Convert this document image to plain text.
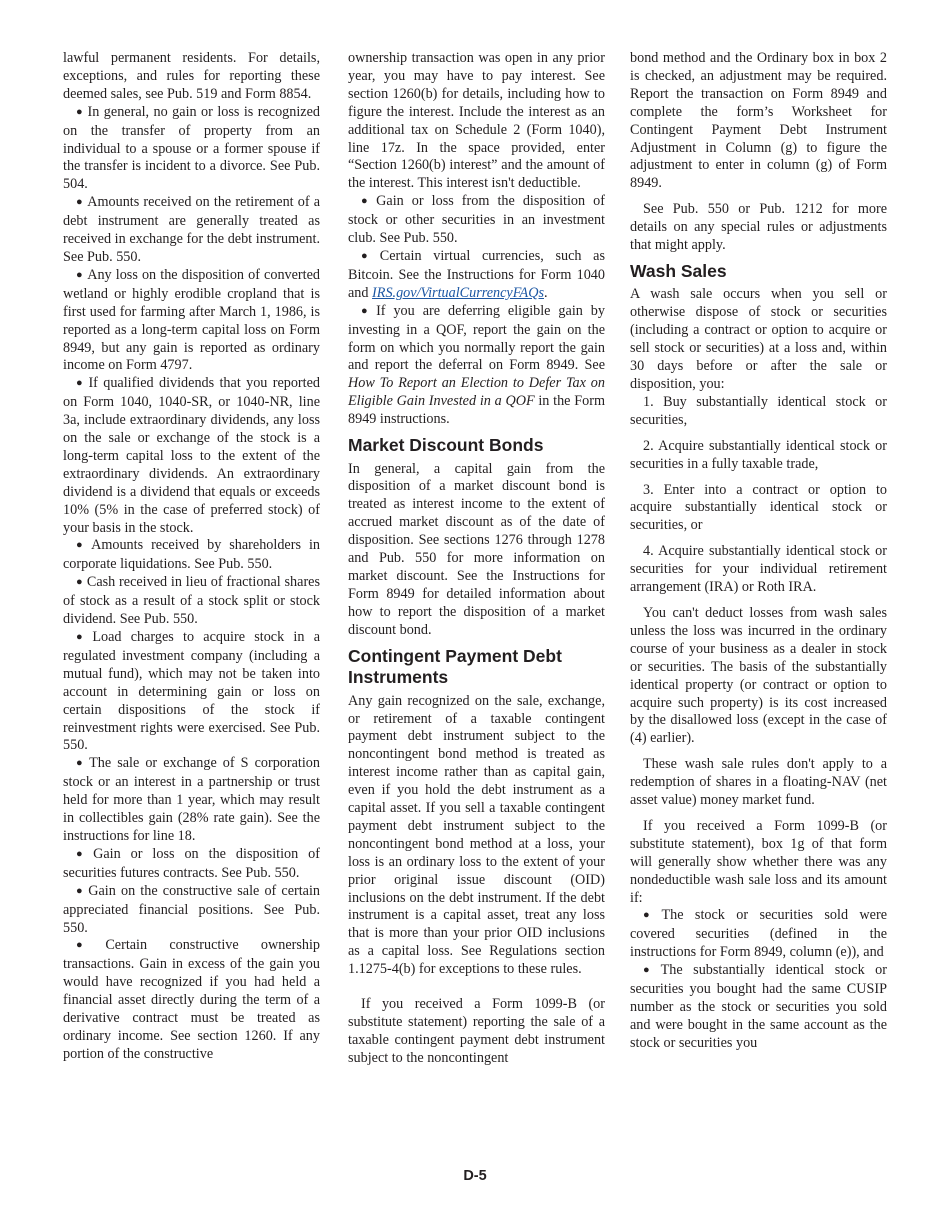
lawful permanent residents. For details, exceptions, and rules for reporting these deemed sales, see Pub. 519 and Form 8854.

● In general, no gain or loss is recognized on the transfer of property from an individual to a spouse or a former spouse if the transfer is incident to a divorce. See Pub. 504.

● Amounts received on the retirement of a debt instrument are generally treated as received in exchange for the debt instrument. See Pub. 550.

● Any loss on the disposition of converted wetland or highly erodible cropland that is first used for farming after March 1, 1986, is reported as a long-term capital loss on Form 8949, but any gain is reported as ordinary income on Form 4797.

● If qualified dividends that you reported on Form 1040, 1040-SR, or 1040-NR, line 3a, include extraordinary dividends, any loss on the sale or exchange of the stock is a long-term capital loss to the extent of the extraordinary dividends. An extraordinary dividend is a dividend that equals or exceeds 10% (5% in the case of preferred stock) of your basis in the stock.

● Amounts received by shareholders in corporate liquidations. See Pub. 550.

● Cash received in lieu of fractional shares of stock as a result of a stock split or stock dividend. See Pub. 550.

● Load charges to acquire stock in a regulated investment company (including a mutual fund), which may not be taken into account in determining gain or loss on certain dispositions of the stock if reinvestment rights were exercised. See Pub. 550.

● The sale or exchange of S corporation stock or an interest in a partnership or trust held for more than 1 year, which may result in collectibles gain (28% rate gain). See the instructions for line 18.

● Gain or loss on the disposition of securities futures contracts. See Pub. 550.

● Gain on the constructive sale of certain appreciated financial positions. See Pub. 550.

● Certain constructive ownership transactions. Gain in excess of the gain you would have recognized if you had held a financial asset directly during the term of a derivative contract must be treated as ordinary income. See section 1260. If any portion of the constructive

ownership transaction was open in any prior year, you may have to pay interest. See section 1260(b) for details, including how to figure the interest. Include the interest as an additional tax on Schedule 2 (Form 1040), line 17z. In the space provided, enter “Section 1260(b) interest” and the amount of the interest. This interest isn't deductible.

● Gain or loss from the disposition of stock or other securities in an investment club. See Pub. 550.

● Certain virtual currencies, such as Bitcoin. See the Instructions for Form 1040 and IRS.gov/VirtualCurrencyFAQs.

● If you are deferring eligible gain by investing in a QOF, report the gain on the form on which you normally report the gain and report the deferral on Form 8949. See How To Report an Election to Defer Tax on Eligible Gain Invested in a QOF in the Form 8949 instructions.

Market Discount Bonds

In general, a capital gain from the disposition of a market discount bond is treated as interest income to the extent of accrued market discount as of the date of disposition. See sections 1276 through 1278 and Pub. 550 for more information on market discount. See the Instructions for Form 8949 for detailed information about how to report the disposition of a market discount bond.

Contingent Payment Debt Instruments

Any gain recognized on the sale, exchange, or retirement of a taxable contingent payment debt instrument subject to the noncontingent bond method is treated as interest income rather than as capital gain, even if you hold the debt instrument as a capital asset. If you sell a taxable contingent payment debt instrument subject to the noncontingent bond method at a loss, your loss is an ordinary loss to the extent of your prior original issue discount (OID) inclusions on the debt instrument. If the debt instrument is a capital asset, treat any loss that is more than your prior OID inclusions as a capital loss. See Regulations section 1.1275-4(b) for exceptions to these rules.

If you received a Form 1099-B (or substitute statement) reporting the sale of a taxable contingent payment debt instrument subject to the noncontingent

bond method and the Ordinary box in box 2 is checked, an adjustment may be required. Report the transaction on Form 8949 and complete the form’s Worksheet for Contingent Payment Debt Instrument Adjustment in Column (g) to figure the adjustment to enter in column (g) of Form 8949.

See Pub. 550 or Pub. 1212 for more details on any special rules or adjustments that might apply.

Wash Sales

A wash sale occurs when you sell or otherwise dispose of stock or securities (including a contract or option to acquire or sell stock or securities) at a loss and, within 30 days before or after the sale or disposition, you:

1. Buy substantially identical stock or securities,

2. Acquire substantially identical stock or securities in a fully taxable trade,

3. Enter into a contract or option to acquire substantially identical stock or securities, or

4. Acquire substantially identical stock or securities for your individual retirement arrangement (IRA) or Roth IRA.

You can't deduct losses from wash sales unless the loss was incurred in the ordinary course of your business as a dealer in stock or securities. The basis of the substantially identical property (or contract or option to acquire such property) is its cost increased by the disallowed loss (except in the case of (4) earlier).

These wash sale rules don't apply to a redemption of shares in a floating-NAV (net asset value) money market fund.

If you received a Form 1099-B (or substitute statement), box 1g of that form will generally show whether there was any nondeductible wash sale loss and its amount if:

● The stock or securities sold were covered securities (defined in the instructions for Form 8949, column (e)), and

● The substantially identical stock or securities you bought had the same CUSIP number as the stock or securities you sold and were bought in the same account as the stock or securities you

D-5
